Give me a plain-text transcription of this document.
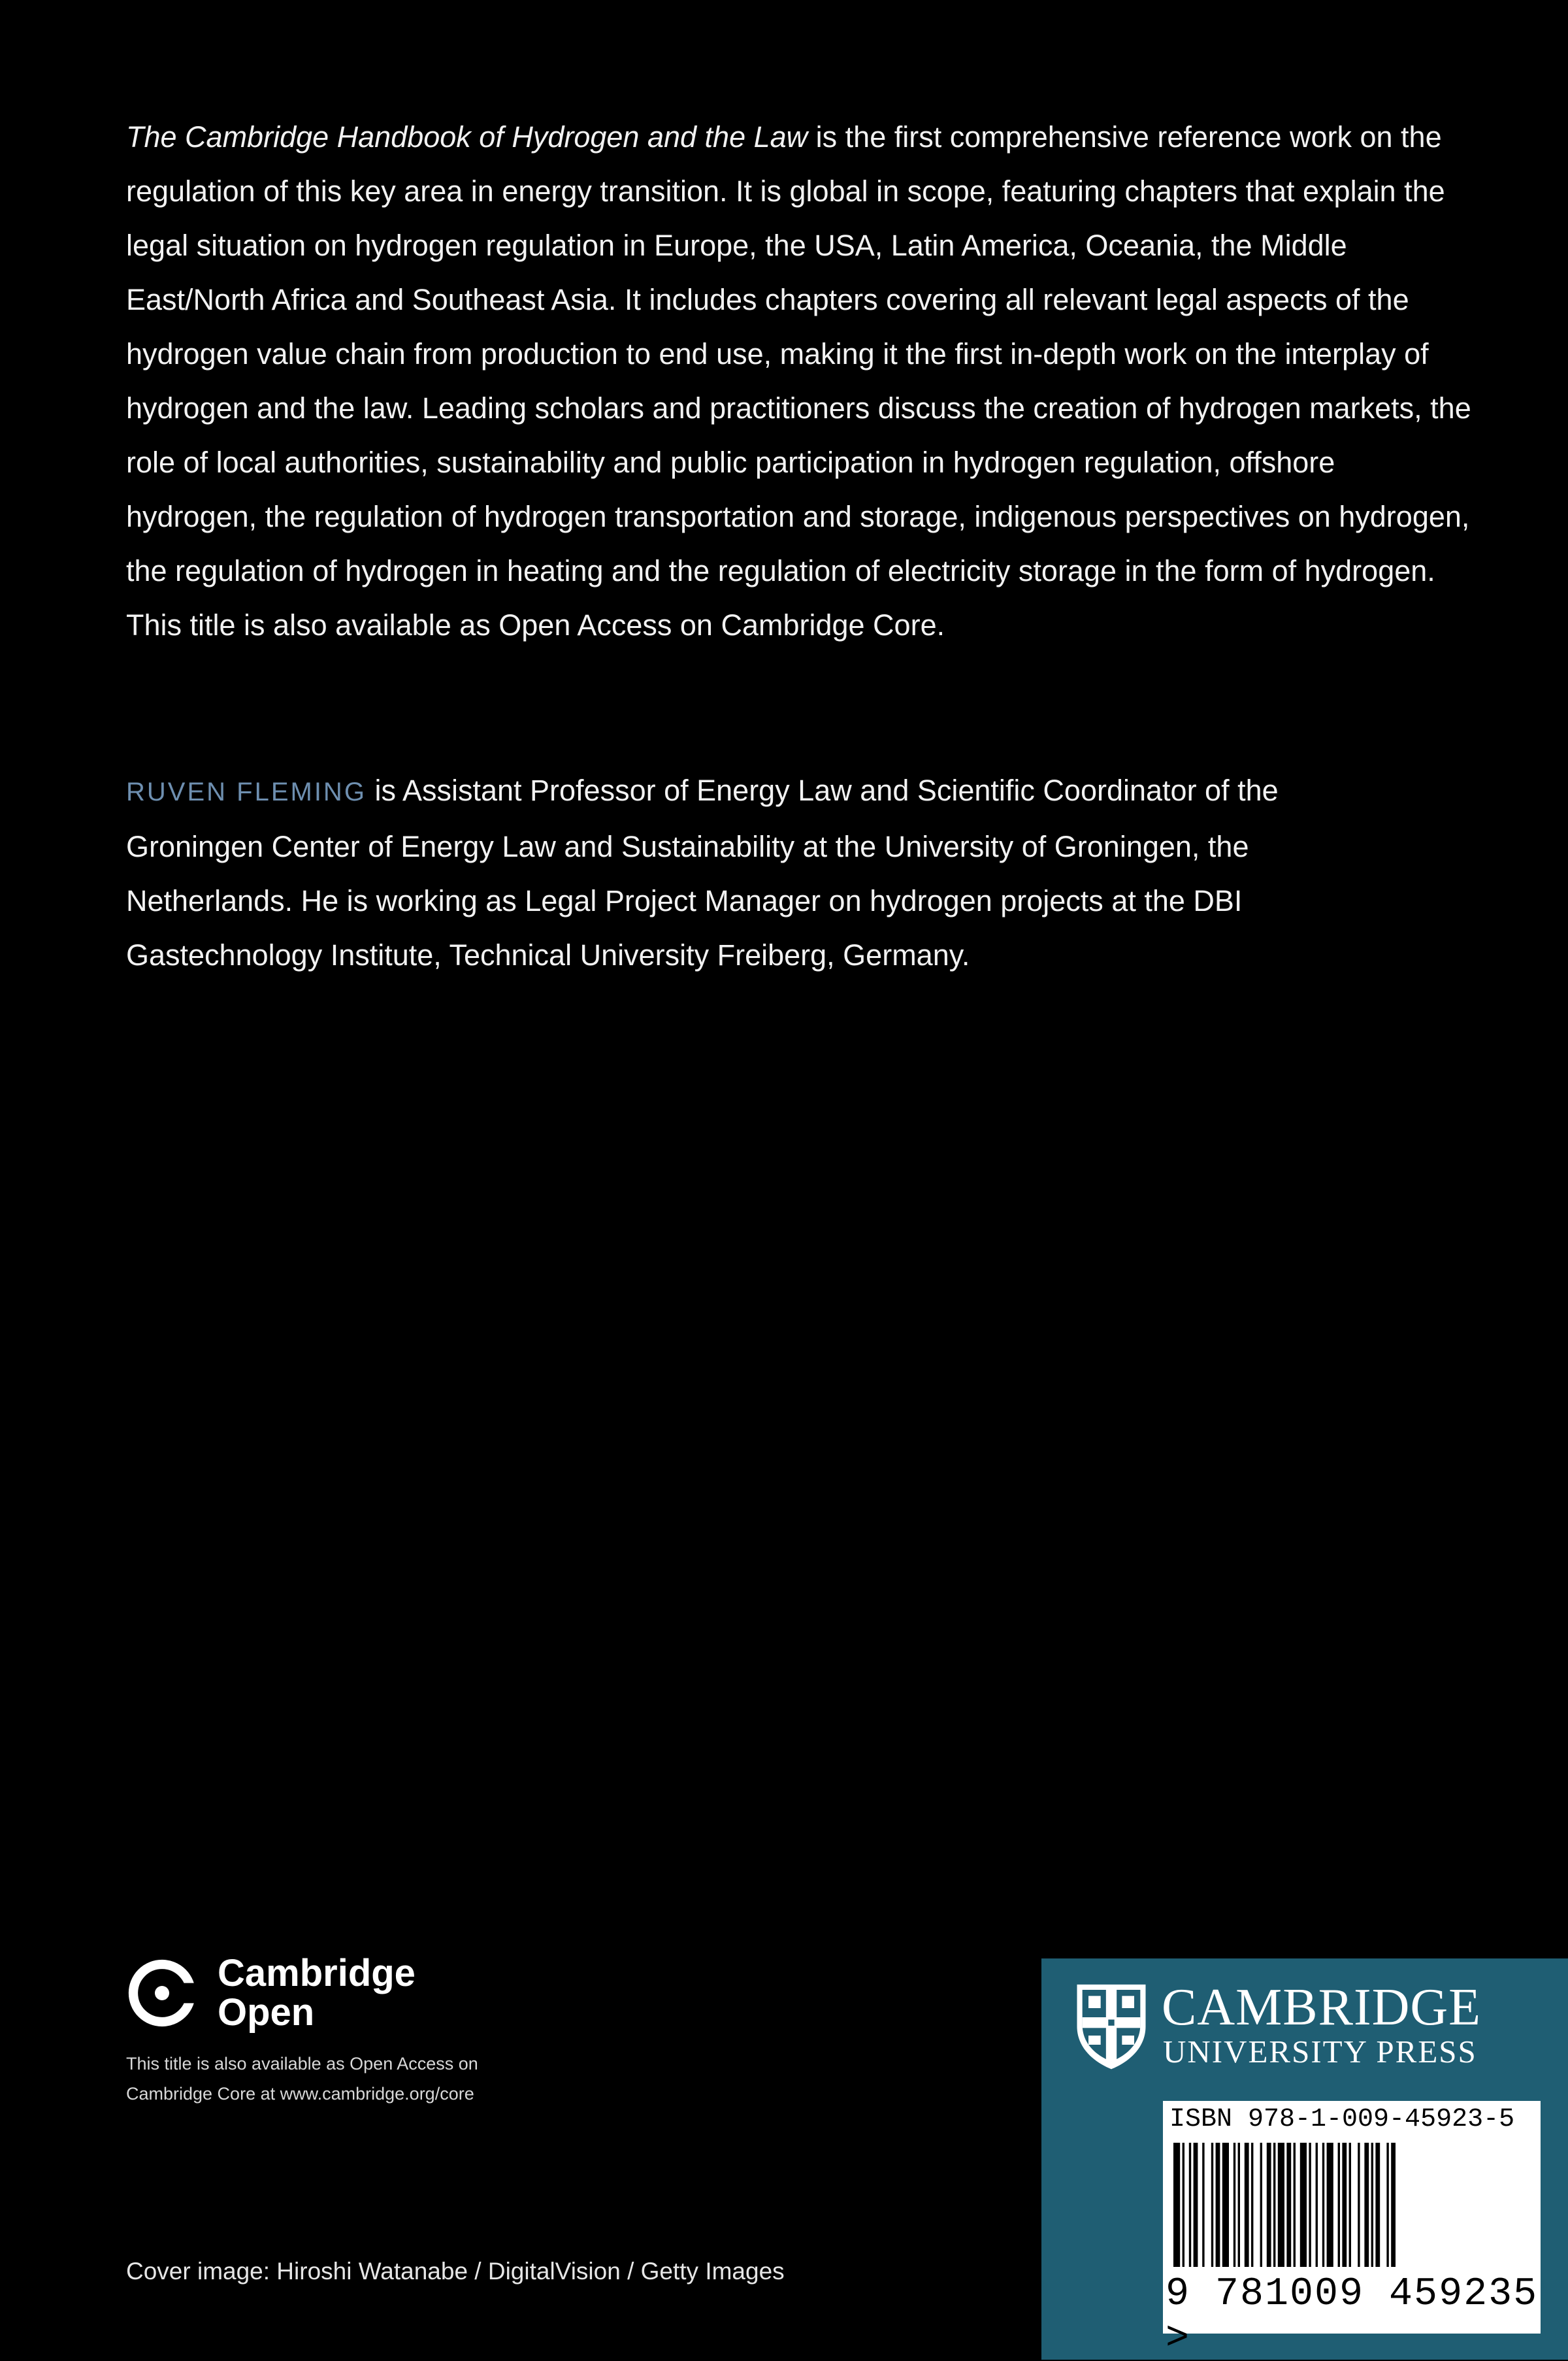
The Cambridge Handbook of Hydrogen and the Law is the first comprehensive reference work on the regulation of this key area in energy transition. It is global in scope, featuring chapters that explain the legal situation on hydrogen regulation in Europe, the USA, Latin America, Oceania, the Middle East/North Africa and Southeast Asia. It includes chapters covering all relevant legal aspects of the hydrogen value chain from production to end use, making it the first in-depth work on the interplay of hydrogen and the law. Leading scholars and practitioners discuss the creation of hydrogen markets, the role of local authorities, sustainability and public participation in hydrogen regulation, offshore hydrogen, the regulation of hydrogen transportation and storage, indigenous perspectives on hydrogen, the regulation of hydrogen in heating and the regulation of electricity storage in the form of hydrogen. This title is also available as Open Access on Cambridge Core.

RUVEN FLEMING is Assistant Professor of Energy Law and Scientific Coordinator of the Groningen Center of Energy Law and Sustainability at the University of Groningen, the Netherlands. He is working as Legal Project Manager on hydrogen projects at the DBI Gastechnology Institute, Technical University Freiberg, Germany.

Cambridge
Open
This title is also available as Open Access on
Cambridge Core at www.cambridge.org/core
Cover image: Hiroshi Watanabe / DigitalVision / Getty Images
CAMBRIDGE
UNIVERSITY PRESS
ISBN 978-1-009-45923-5
9 781009 459235 >
